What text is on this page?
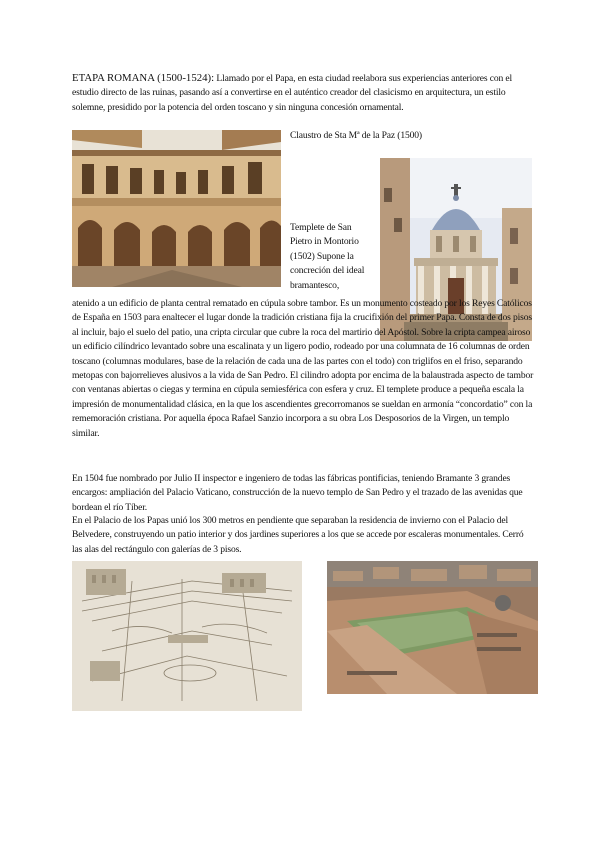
ETAPA ROMANA (1500-1524): Llamado por el Papa, en esta ciudad reelabora sus experiencias anteriores con el estudio directo de las ruinas, pasando así a convertirse en el auténtico creador del clasicismo en arquitectura, un estilo solemne, presidido por la potencia del orden toscano y sin ninguna concesión ornamental.

Claustro de Sta Mª de la Paz (1500)
Templete de San Pietro in Montorio (1502) Supone la concreción del ideal bramantesco,

atenido a un edificio de planta central rematado en cúpula sobre tambor. Es un monumento costeado por los Reyes Católicos de España en 1503 para enaltecer el lugar donde la tradición cristiana fija la crucifixión del primer Papa. Consta de dos pisos al incluir, bajo el suelo del patio, una cripta circular que cubre la roca del martirio del Apóstol. Sobre la cripta campea airoso un edificio cilíndrico levantado sobre una escalinata y un ligero podio, rodeado por una columnata de 16 columnas de orden toscano (columnas modulares, base de la relación de cada una de las partes con el todo) con triglifos en el friso, separando metopas con bajorrelieves alusivos a la vida de San Pedro. El cilindro adopta por encima de la balaustrada aspecto de tambor con ventanas abiertas o ciegas y termina en cúpula semiesférica con esfera y cruz. El templete produce a pequeña escala la impresión de monumentalidad clásica, en la que los ascendientes grecorromanos se sueldan en armonía “concordatio” con la rememoración cristiana. Por aquella época Rafael Sanzio incorpora a su obra Los Desposorios de la Virgen, un templo similar.

En 1504 fue nombrado por Julio II inspector e ingeniero de todas las fábricas pontificias, teniendo Bramante 3 grandes encargos: ampliación del Palacio Vaticano, construcción de la nuevo templo de San Pedro y el trazado de las avenidas que bordean el río Tíber.

En el Palacio de los Papas unió los 300 metros en pendiente que separaban la residencia de invierno con el Palacio del Belvedere, construyendo un patio interior y dos jardines superiores a los que se accede por escaleras monumentales. Cerró las alas del rectángulo con galerías de 3 pisos.
